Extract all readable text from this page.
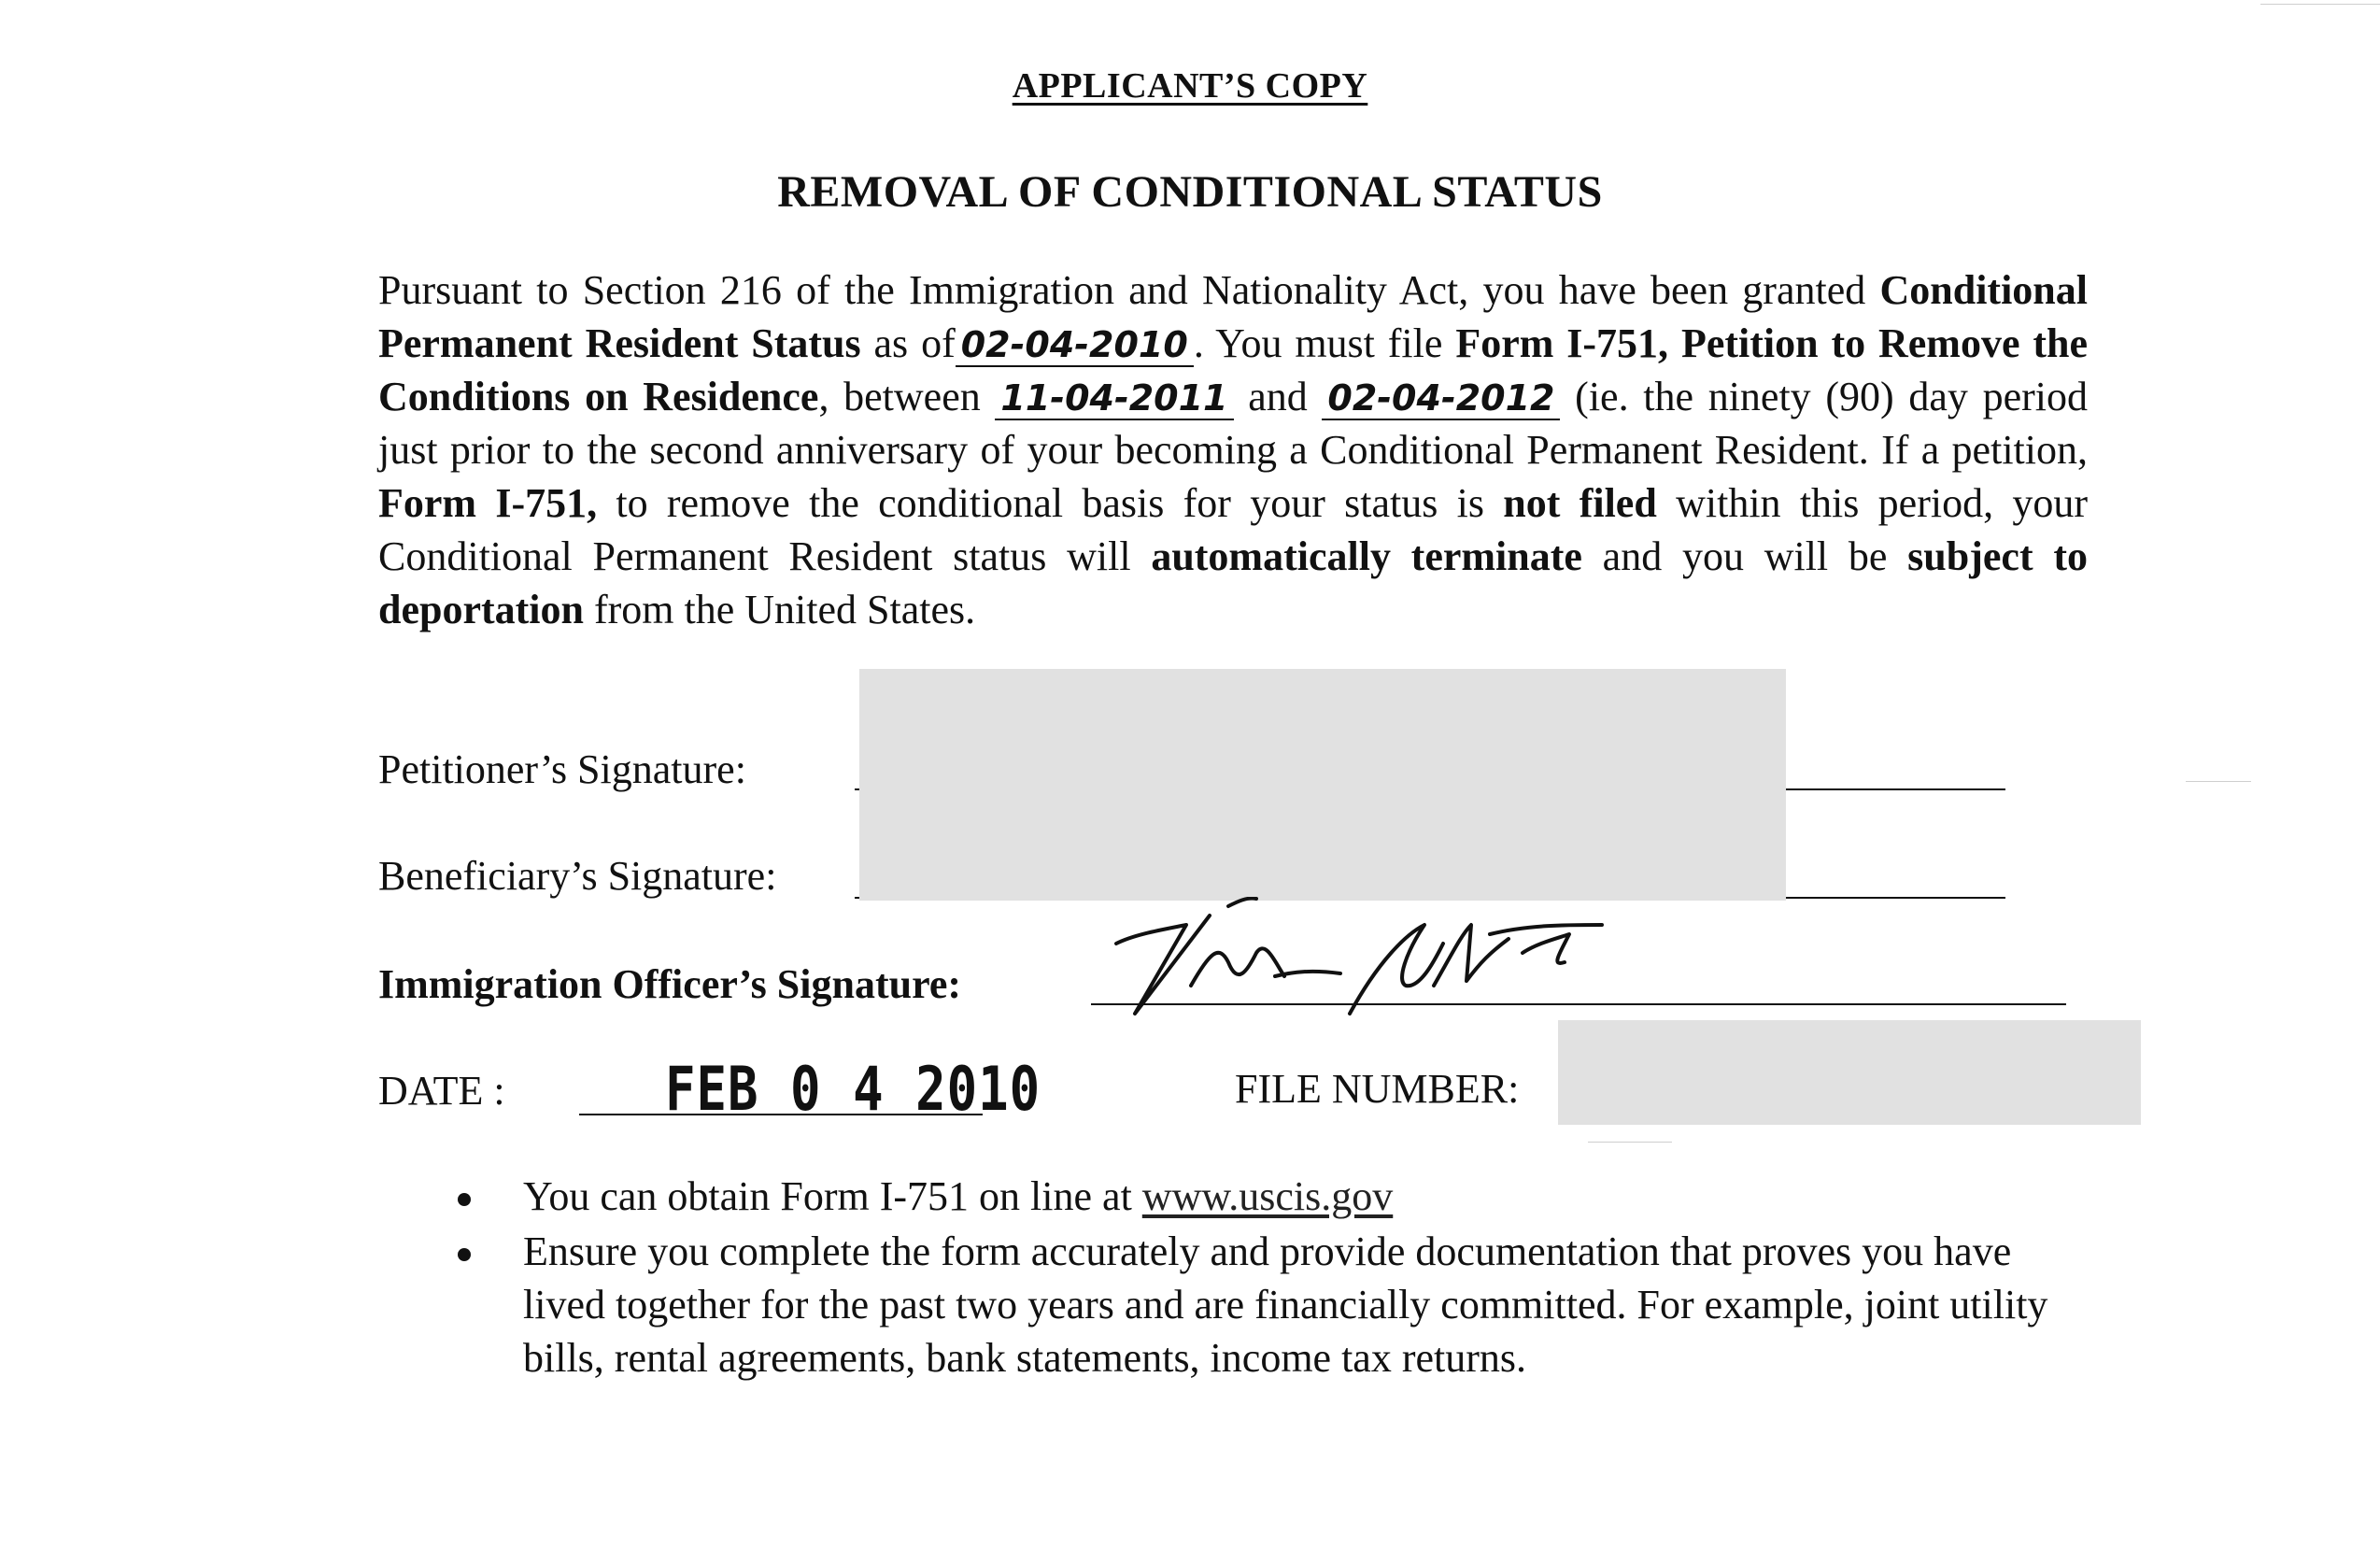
APPLICANT’S COPY
REMOVAL OF CONDITIONAL STATUS
Pursuant to Section 216 of the Immigration and Nationality Act, you have been granted Conditional Permanent Resident Status as of 02-04-2010 . You must file Form I-751, Petition to Remove the Conditions on Residence, between 11-04-2011 and 02-04-2012 (ie. the ninety (90) day period just prior to the second anniversary of your becoming a Conditional Permanent Resident. If a petition, Form I-751, to remove the conditional basis for your status is not filed within this period, your Conditional Permanent Resident status will automatically terminate and you will be subject to deportation from the United States.
Petitioner’s Signature:
Beneficiary’s Signature:
Immigration Officer’s Signature:
DATE :	FEB 0 4 2010	FILE NUMBER:
You can obtain Form I-751 on line at www.uscis.gov
Ensure you complete the form accurately and provide documentation that proves you have lived together for the past two years and are financially committed. For example, joint utility bills, rental agreements, bank statements, income tax returns.
